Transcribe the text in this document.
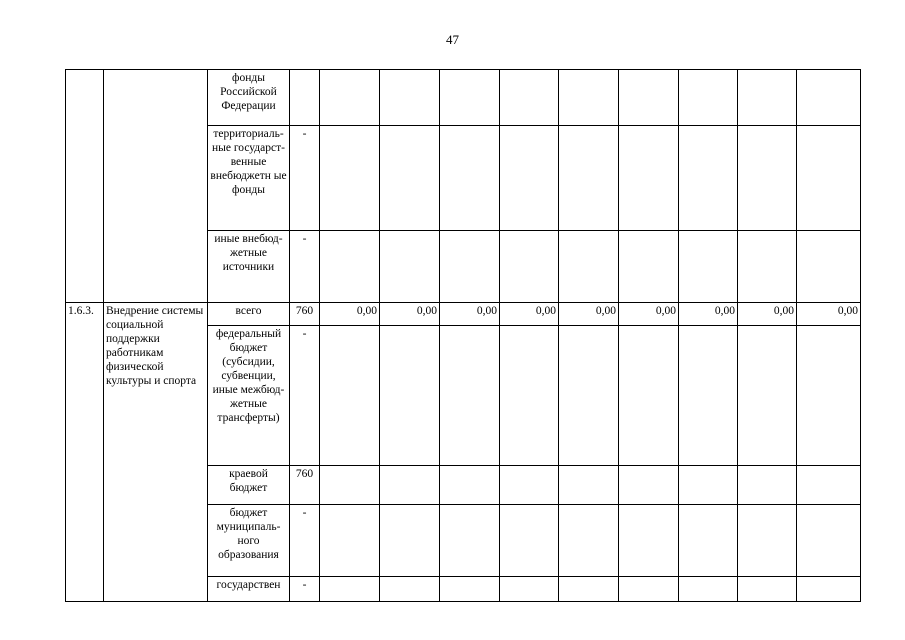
47
		фонды Российской Федерации											
		территориаль-ные государст-венные внебюджетн ые фонды	-										
		иные внебюд-жетные источники	-										
1.6.3.	Внедрение системы социальной поддержки работникам физической культуры и спорта	всего	760	0,00	0,00	0,00	0,00	0,00	0,00	0,00	0,00	0,00	
		федеральный бюджет (субсидии, субвенции, иные межбюд-жетные трансферты)	-										
		краевой бюджет	760										
		бюджет муниципаль-ного образования	-										
		государствен	-										
